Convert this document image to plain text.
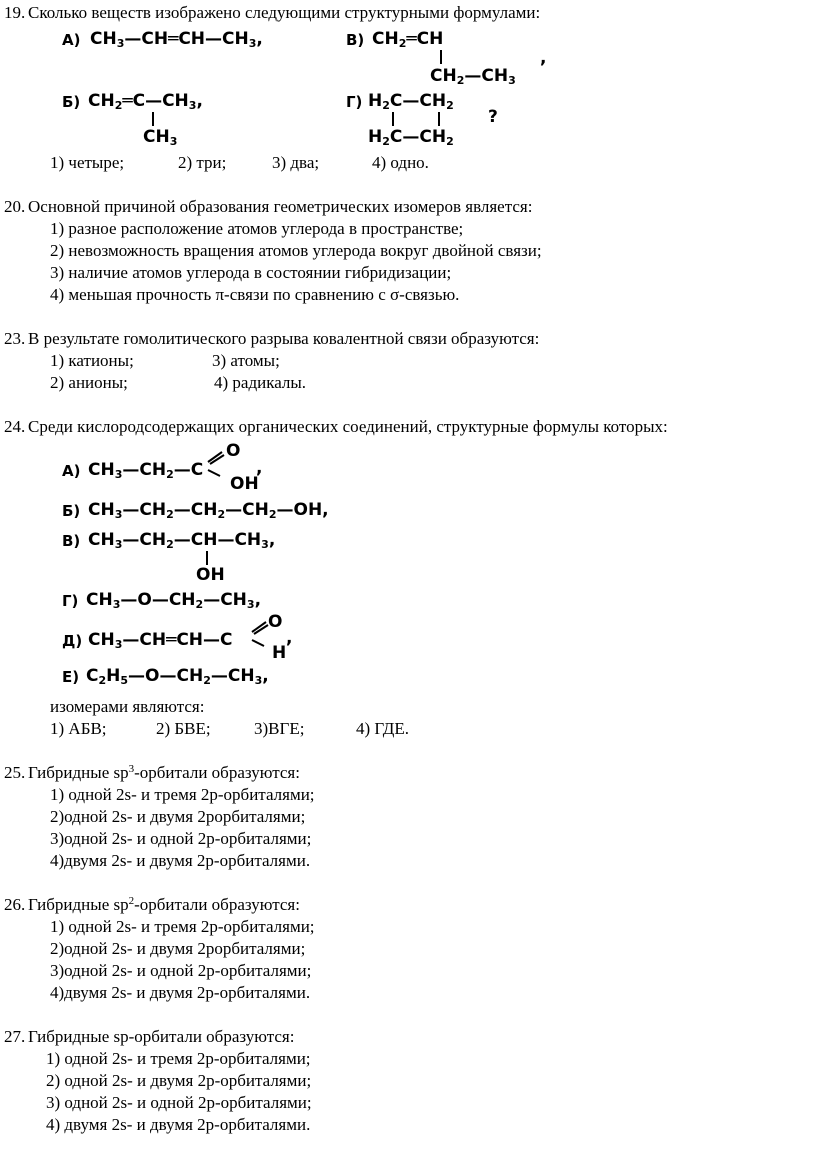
19. Сколько веществ изображено следующими структурными формулами:
А) $CH_3—CH═CH—CH_3$,
Б) $CH_2═C—CH_3$,
$CH_3$
В) $CH_2═CH$
$CH_2—CH_3$
,
Г) $H_2C—CH_2$
$H_2C—CH_2$
?
1) четыре;	2) три;	3) два;	4) одно.
20. Основной причиной образования геометрических изомеров является:
1) разное расположение атомов углерода в пространстве;
2) невозможность вращения атомов углерода вокруг двойной связи;
3) наличие атомов углерода в состоянии гибридизации;
4) меньшая прочность π-связи по сравнению с σ-связью.
23. В результате гомолитического разрыва ковалентной связи образуются:
1) катионы;	3) атомы;
2) анионы;	4) радикалы.
24. Среди кислородсодержащих органических соединений, структурные формулы которых:
А) $CH_3—CH_2—C$
O
OH
,
Б) $CH_3—CH_2—CH_2—CH_2—OH$,
В) $CH_3—CH_2—CH—CH_3$,
OH
Г) $CH_3—O—CH_2—CH_3$,
Д) $CH_3—CH═CH—C$
O
H
,
Е) $C_2H_5—O—CH_2—CH_3$,
изомерами являются:
1) АБВ;	2) БВЕ;	3)ВГЕ;	4) ГДЕ.
25. Гибридные $sp^3$-орбитали образуются:
1) одной 2s- и тремя 2р-орбиталями;
2)одной 2s- и двумя 2рорбиталями;
3)одной 2s- и одной 2р-орбиталями;
4)двумя 2s- и двумя 2р-орбиталями.
26. Гибридные $sp^2$-орбитали образуются:
1) одной 2s- и тремя 2р-орбиталями;
2)одной 2s- и двумя 2рорбиталями;
3)одной 2s- и одной 2р-орбиталями;
4)двумя 2s- и двумя 2р-орбиталями.
27. Гибридные sp-орбитали образуются:
1) одной 2s- и тремя 2р-орбиталями;
2) одной 2s- и двумя 2р-орбиталями;
3) одной 2s- и одной 2р-орбиталями;
4) двумя 2s- и двумя 2р-орбиталями.
